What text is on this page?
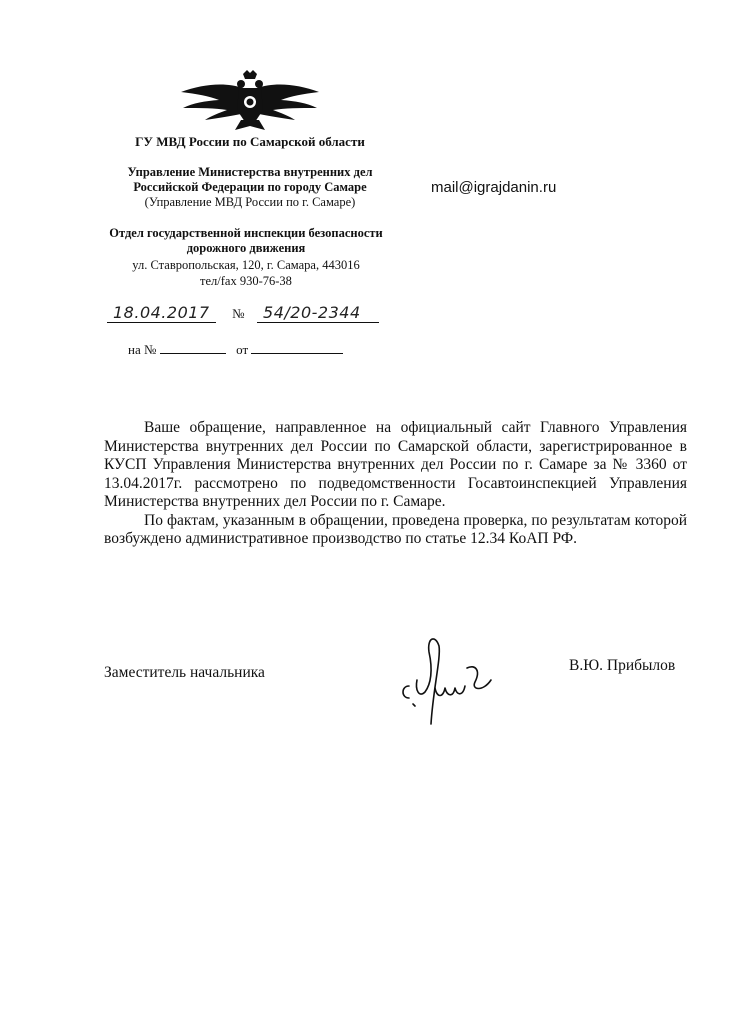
ГУ МВД России по Самарской области
Управление Министерства внутренних дел
Российской Федерации по городу Самаре
(Управление МВД России по г. Самаре)
Отдел государственной инспекции безопасности
дорожного движения
ул. Ставропольская, 120, г. Самара, 443016
тел/fax 930-76-38
mail@igrajdanin.ru
18.04.2017 № 54/20-2344
на №	от

Ваше обращение, направленное на официальный сайт Главного Управления Министерства внутренних дел России по Самарской области, зарегистрированное в КУСП Управления Министерства внутренних дел России по г. Самаре за № 3360 от 13.04.2017г. рассмотрено по подведомственности Госавтоинспекцией Управления Министерства внутренних дел России по г. Самаре.

По фактам, указанным в обращении, проведена проверка, по результатам которой возбуждено административное производство по статье 12.34 КоАП РФ.

Заместитель начальника	В.Ю. Прибылов
